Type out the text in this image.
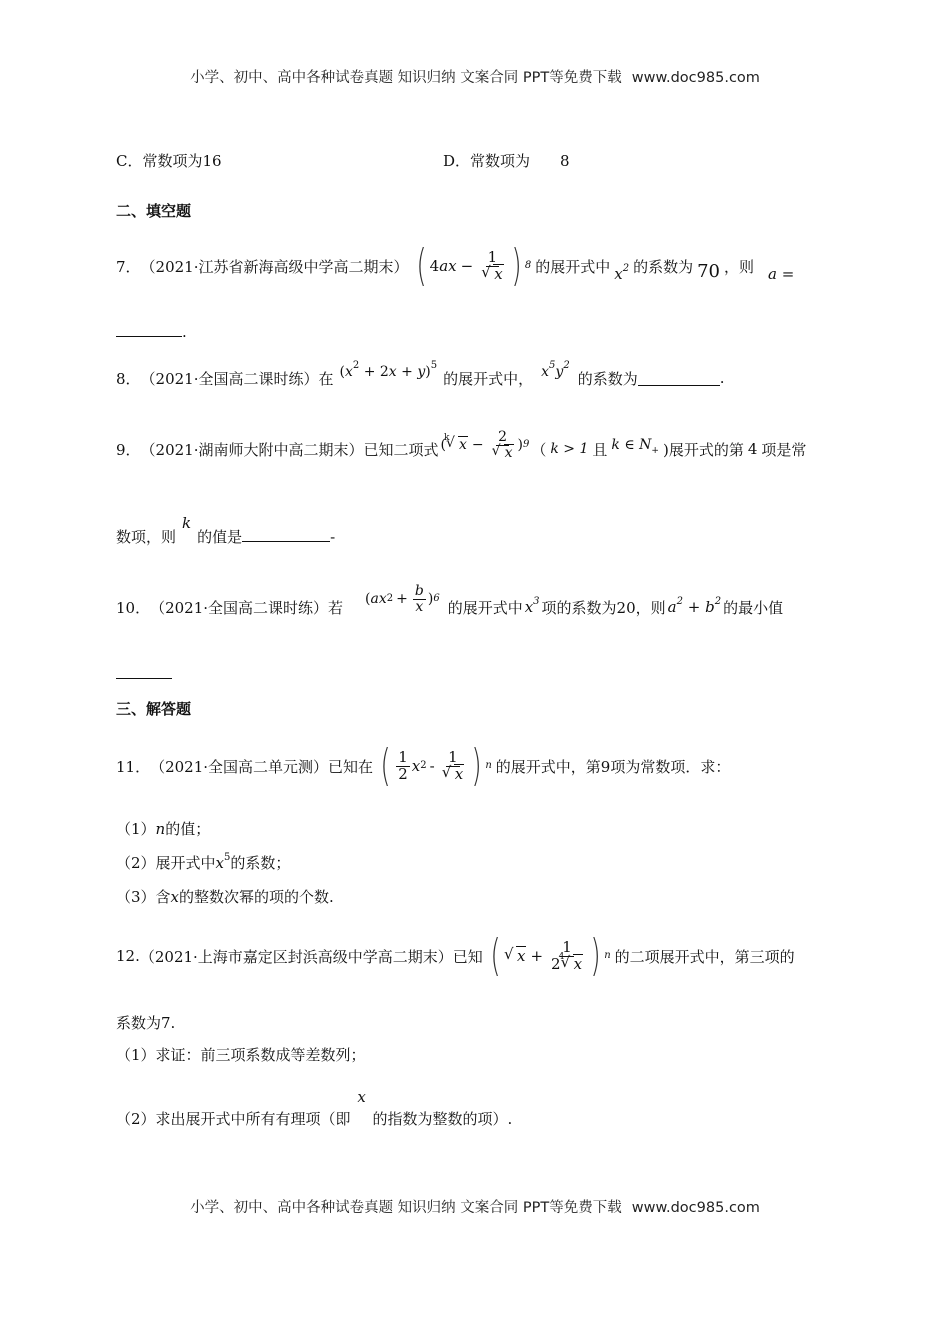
小学、初中、高中各种试卷真题 知识归纳 文案合同 PPT等免费下载 www.doc985.com
C．常数项为16	D．常数项为 8
二、填空题
7． （2021·江苏省新海高级中学高二期末） ( 4 ax − 1
√ x ) 8 的展开式中 $x^2$ 的系数为 70 ，则 a =
.
8． （2021·全国高二课时练）在 $(x^2 + 2x + y)^5$
的展开式中， $x^5y^2$
的系数为	.
9． （2021·湖南师大附中高二期末）已知二项式 (
√ k x − 2
√ x ) 9 （ k > 1 且 k ∈ $N_+$ )展开式的第 4 项是常
数项，则k的值是	-
10． （2021·全国高二课时练）若 ( ax $2 + \frac{b}{x}$ ) 6 的展开式中 $x^3$ 项的系数为20，则 $a^2 + b^2$ 的最小值
三、解答题
11． （2021·全国高二单元测）已知在 ( $\frac{1}{2}$ x 2 - 1
√ x ) n 的展开式中，第9项为常数项．求：
（1）n的值；
（2）展开式中$x^5$的系数；
（3）含x的整数次幂的项的个数.
12. （2021·上海市嘉定区封浜高级中学高二期末）已知 (
√	x + 1
2
√ 4 x ) n 的二项展开式中，第三项的
系数为7.
（1）求证：前三项系数成等差数列；
（2）求出展开式中所有有理项（即x的指数为整数的项）.
小学、初中、高中各种试卷真题 知识归纳 文案合同 PPT等免费下载 www.doc985.com
